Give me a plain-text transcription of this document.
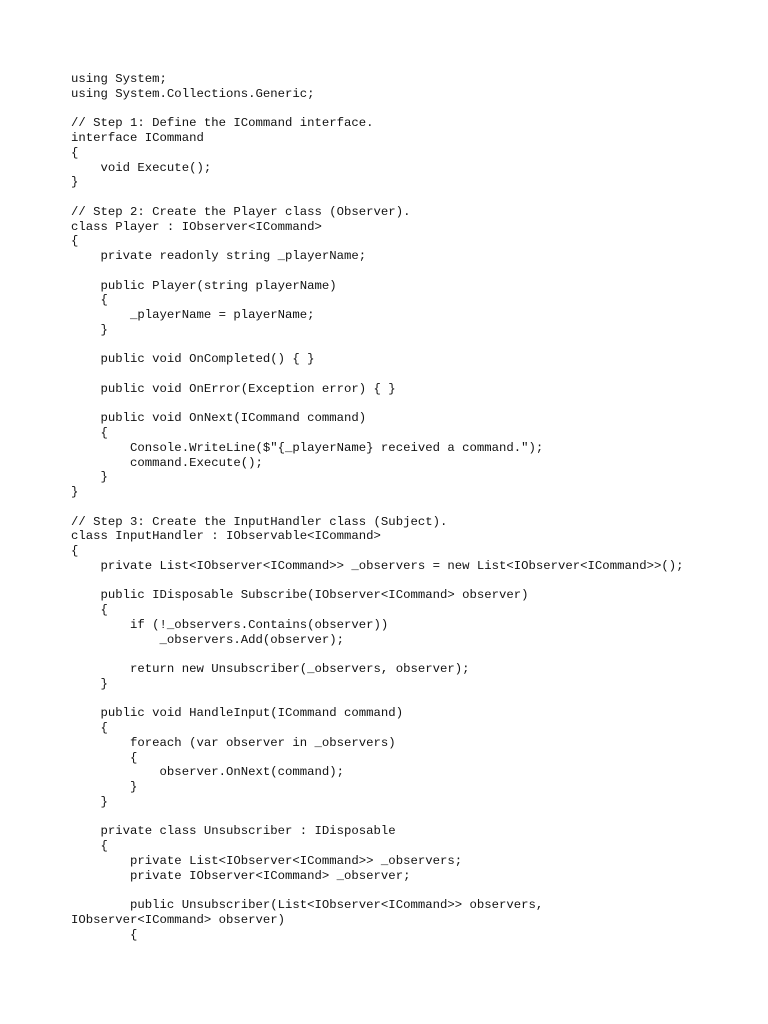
using System;
using System.Collections.Generic;
// Step 1: Define the ICommand interface.
interface ICommand
{
void Execute();
}
// Step 2: Create the Player class (Observer).
class Player : IObserver<ICommand>
{
private readonly string _playerName;
public Player(string playerName)
{
_playerName = playerName;
}
public void OnCompleted() { }
public void OnError(Exception error) { }
public void OnNext(ICommand command)
{
Console.WriteLine($"{_playerName} received a command.");
command.Execute();
}
}
// Step 3: Create the InputHandler class (Subject).
class InputHandler : IObservable<ICommand>
{
private List<IObserver<ICommand>> _observers = new List<IObserver<ICommand>>();
public IDisposable Subscribe(IObserver<ICommand> observer)
{
if (!_observers.Contains(observer))
_observers.Add(observer);
return new Unsubscriber(_observers, observer);
}
public void HandleInput(ICommand command)
{
foreach (var observer in _observers)
{
observer.OnNext(command);
}
}
private class Unsubscriber : IDisposable
{
private List<IObserver<ICommand>> _observers;
private IObserver<ICommand> _observer;
public Unsubscriber(List<IObserver<ICommand>> observers,
IObserver<ICommand> observer)
{
